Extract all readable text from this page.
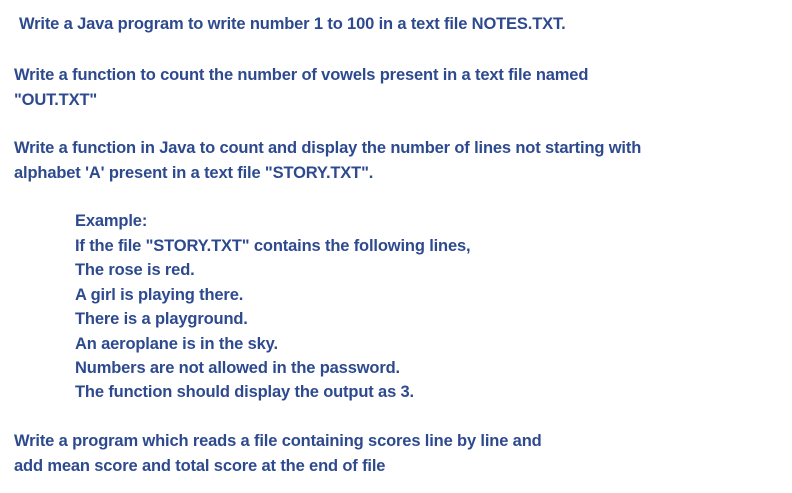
Write a Java program to write number 1 to 100 in a text file NOTES.TXT.
Write a function to count the number of vowels present in a text file named
"OUT.TXT"
Write a function in Java to count and display the number of lines not starting with
alphabet 'A' present in a text file "STORY.TXT".
Example:
If the file "STORY.TXT" contains the following lines,
The rose is red.
A girl is playing there.
There is a playground.
An aeroplane is in the sky.
Numbers are not allowed in the password.
The function should display the output as 3.
Write a program which reads a file containing scores line by line and
add mean score and total score at the end of file
